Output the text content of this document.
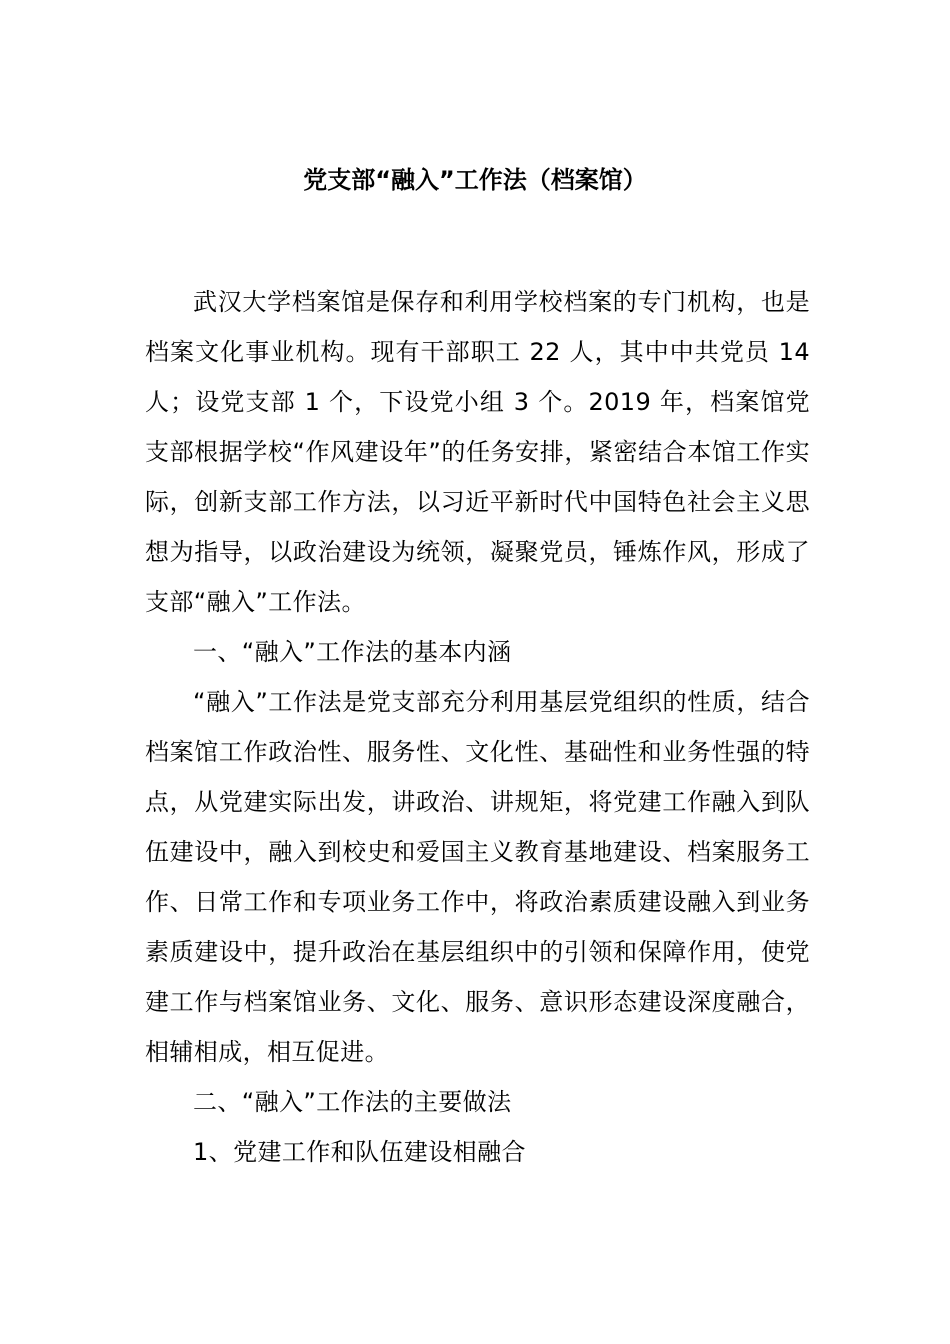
党支部“融入”工作法（档案馆）

武汉大学档案馆是保存和利用学校档案的专门机构，也是档案文化事业机构。现有干部职工 22 人，其中中共党员 14 人；设党支部 1 个，下设党小组 3 个。2019 年，档案馆党支部根据学校“作风建设年”的任务安排，紧密结合本馆工作实际，创新支部工作方法，以习近平新时代中国特色社会主义思想为指导，以政治建设为统领，凝聚党员，锤炼作风，形成了支部“融入”工作法。

一、“融入”工作法的基本内涵

“融入”工作法是党支部充分利用基层党组织的性质，结合档案馆工作政治性、服务性、文化性、基础性和业务性强的特点，从党建实际出发，讲政治、讲规矩，将党建工作融入到队伍建设中，融入到校史和爱国主义教育基地建设、档案服务工作、日常工作和专项业务工作中，将政治素质建设融入到业务素质建设中，提升政治在基层组织中的引领和保障作用，使党建工作与档案馆业务、文化、服务、意识形态建设深度融合，相辅相成，相互促进。

二、“融入”工作法的主要做法

1、党建工作和队伍建设相融合
